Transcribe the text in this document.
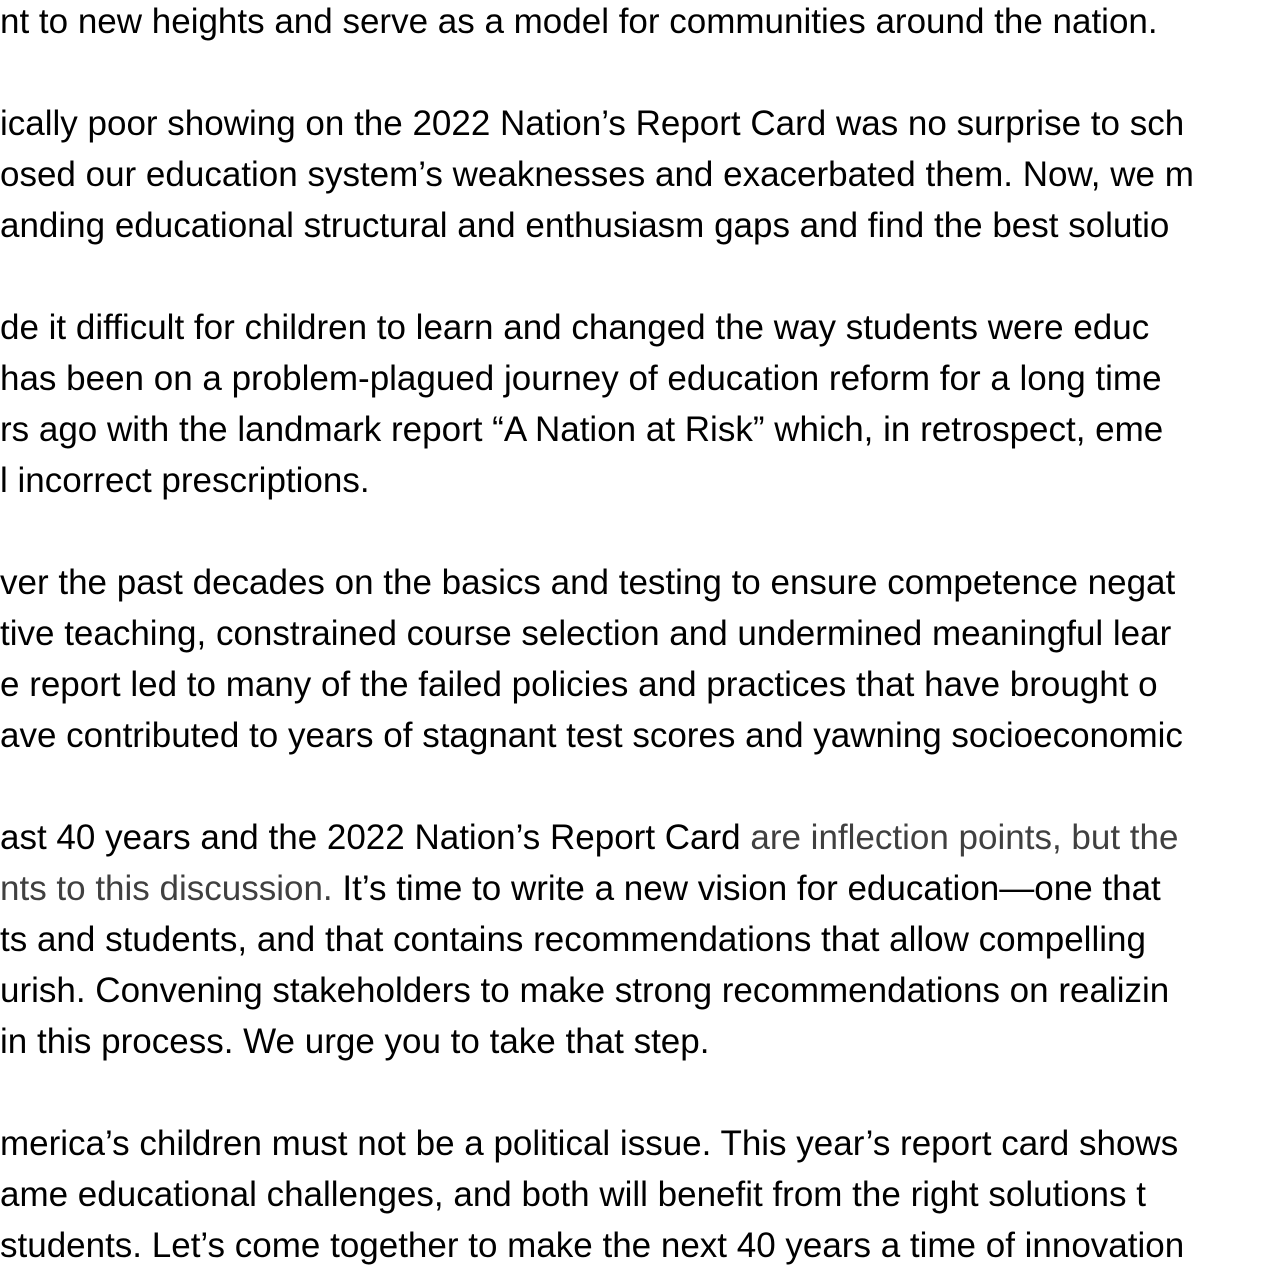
nt to new heights and serve as a model for communities around the nation.
ically poor showing on the 2022 Nation’s Report Card was no surprise to sch
osed our education system’s weaknesses and exacerbated them. Now, we m
anding educational structural and enthusiasm gaps and find the best solutio
de it difficult for children to learn and changed the way students were educ
has been on a problem-plagued journey of education reform for a long time
rs ago with the landmark report “A Nation at Risk” which, in retrospect, eme
l incorrect prescriptions.
ver the past decades on the basics and testing to ensure competence negat
tive teaching, constrained course selection and undermined meaningful lear
e report led to many of the failed policies and practices that have brought o
ave contributed to years of stagnant test scores and yawning socioeconomic
ast 40 years and the 2022 Nation’s Report Card are inflection points, but the
nts to this discussion. It’s time to write a new vision for education—one that
ts and students, and that contains recommendations that allow compelling
urish. Convening stakeholders to make strong recommendations on realizin
in this process. We urge you to take that step.
merica’s children must not be a political issue. This year’s report card shows
ame educational challenges, and both will benefit from the right solutions t
students. Let’s come together to make the next 40 years a time of innovation
